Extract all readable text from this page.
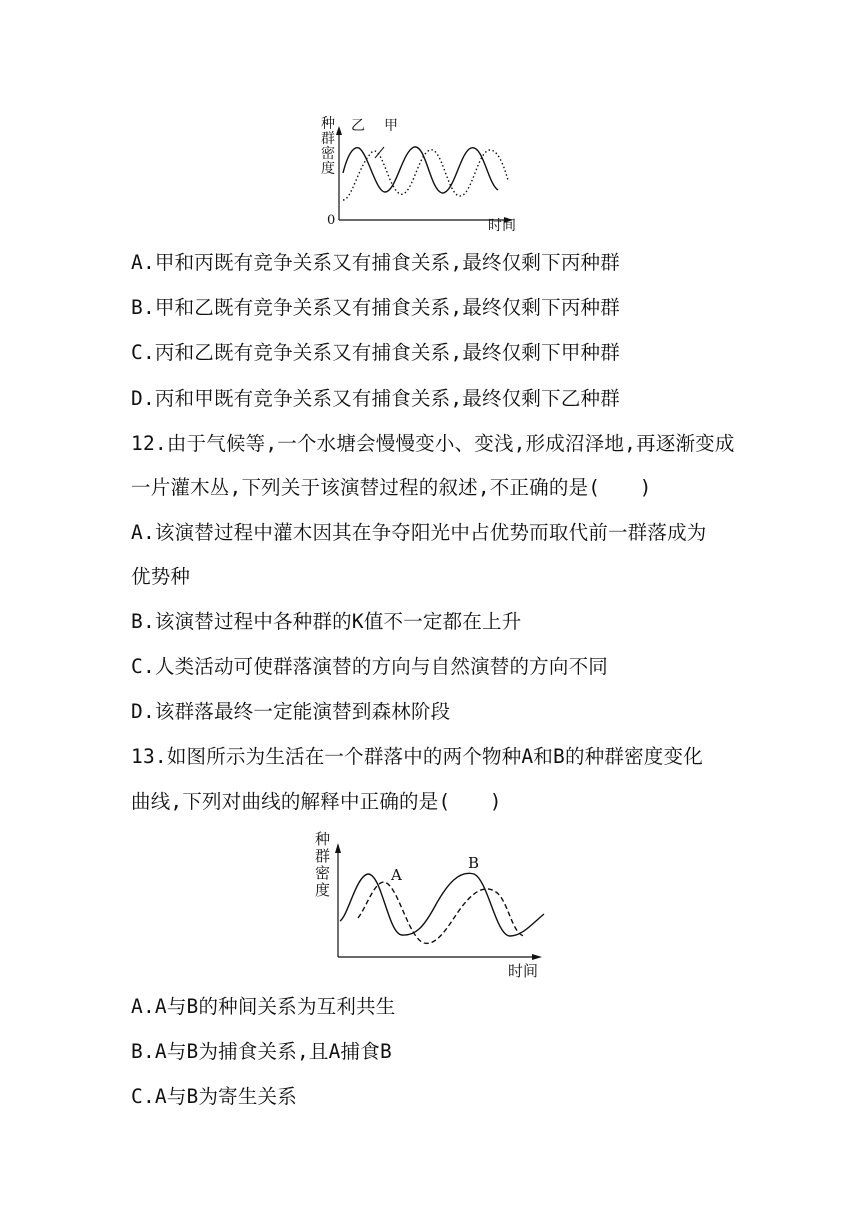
种
群
密
度
0	时间
乙 甲
A.甲和丙既有竞争关系又有捕食关系,最终仅剩下丙种群
B.甲和乙既有竞争关系又有捕食关系,最终仅剩下丙种群
C.丙和乙既有竞争关系又有捕食关系,最终仅剩下甲种群
D.丙和甲既有竞争关系又有捕食关系,最终仅剩下乙种群
12.由于气候等,一个水塘会慢慢变小、变浅,形成沼泽地,再逐渐变成
一片灌木丛,下列关于该演替过程的叙述,不正确的是(　　)
A.该演替过程中灌木因其在争夺阳光中占优势而取代前一群落成为
优势种
B.该演替过程中各种群的K值不一定都在上升
C.人类活动可使群落演替的方向与自然演替的方向不同
D.该群落最终一定能演替到森林阶段
13.如图所示为生活在一个群落中的两个物种A和B的种群密度变化
曲线,下列对曲线的解释中正确的是(　　)
种
群
密
度
时间
A
B
A.A与B的种间关系为互利共生
B.A与B为捕食关系,且A捕食B
C.A与B为寄生关系
